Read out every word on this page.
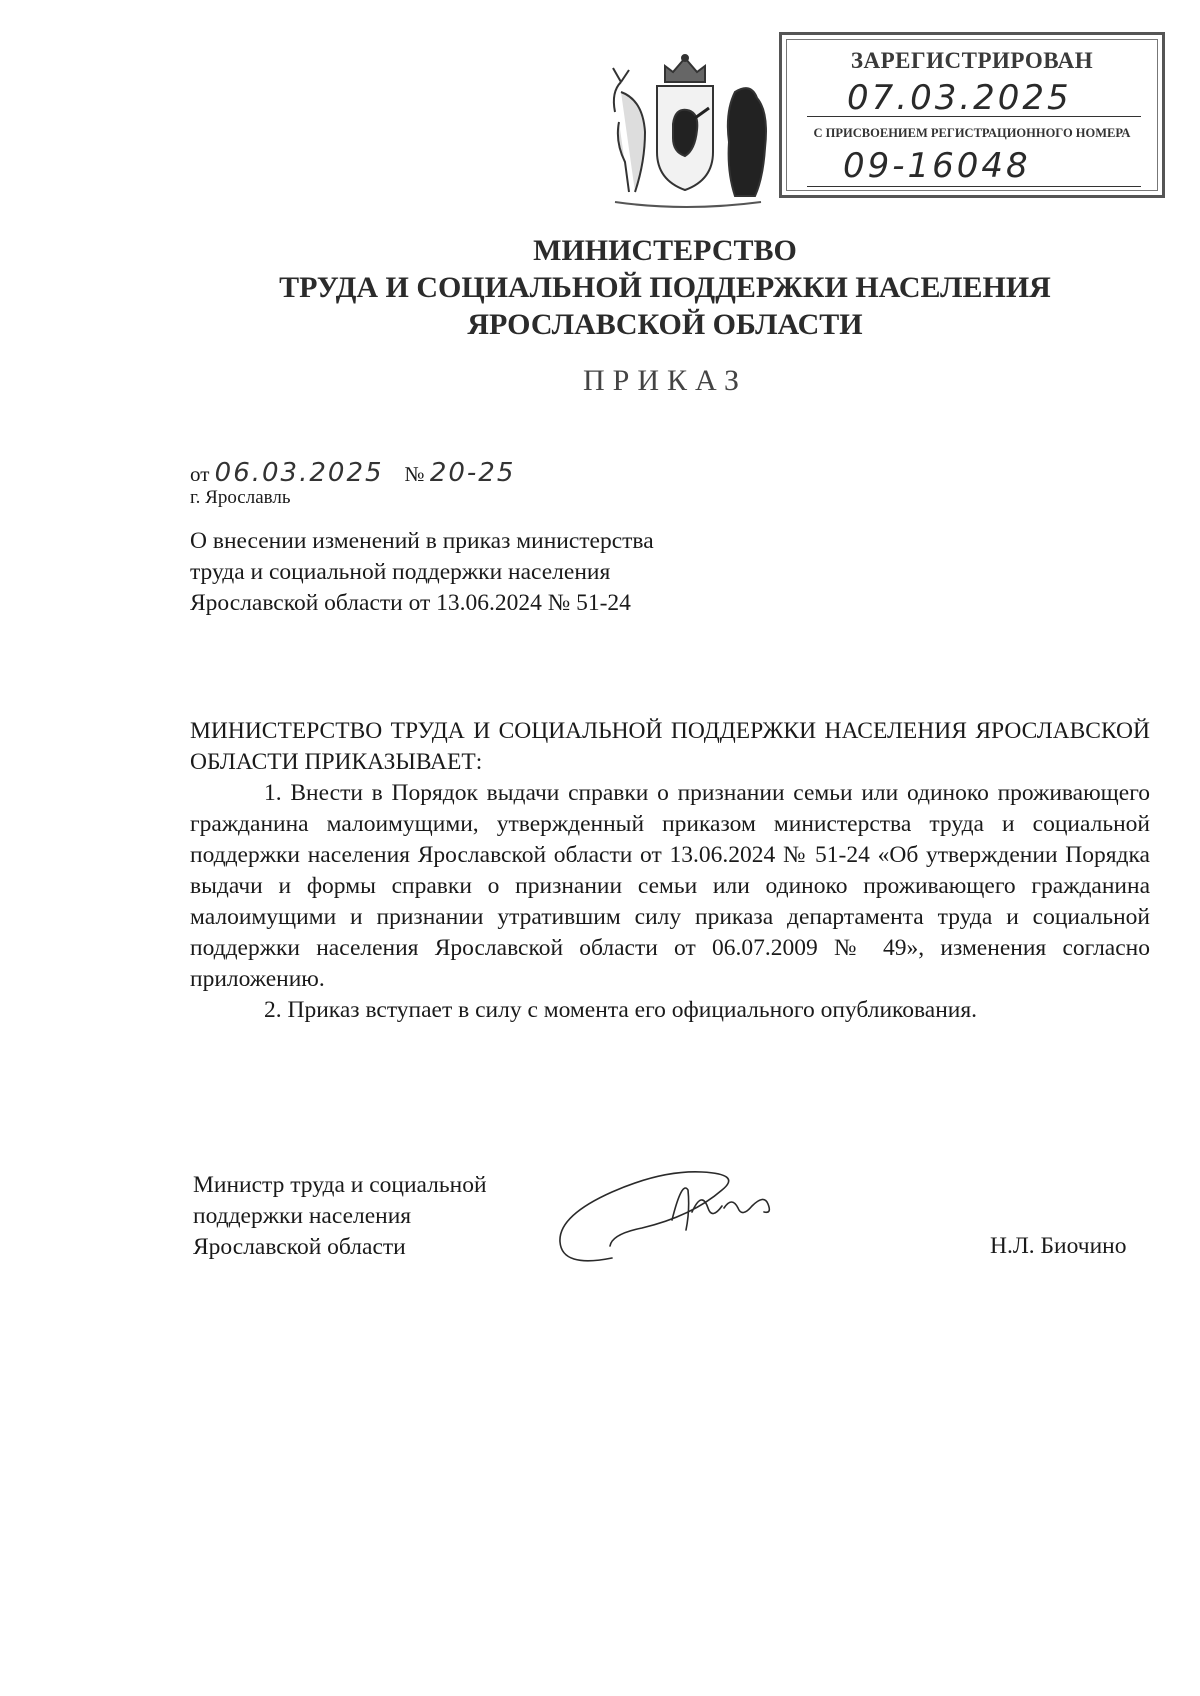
ЗАРЕГИСТРИРОВАН
07.03.2025
С ПРИСВОЕНИЕМ РЕГИСТРАЦИОННОГО НОМЕРА
09-16048
МИНИСТЕРСТВО
ТРУДА И СОЦИАЛЬНОЙ ПОДДЕРЖКИ НАСЕЛЕНИЯ
ЯРОСЛАВСКОЙ ОБЛАСТИ
ПРИКАЗ
от 06.03.2025 № 20-25
г. Ярославль
О внесении изменений в приказ министерства труда и социальной поддержки населения Ярославской области от 13.06.2024 № 51-24

МИНИСТЕРСТВО ТРУДА И СОЦИАЛЬНОЙ ПОДДЕРЖКИ НАСЕЛЕНИЯ ЯРОСЛАВСКОЙ ОБЛАСТИ ПРИКАЗЫВАЕТ:

1. Внести в Порядок выдачи справки о признании семьи или одиноко проживающего гражданина малоимущими, утвержденный приказом министерства труда и социальной поддержки населения Ярославской области от 13.06.2024 № 51-24 «Об утверждении Порядка выдачи и формы справки о признании семьи или одиноко проживающего гражданина малоимущими и признании утратившим силу приказа департамента труда и социальной поддержки населения Ярославской области от 06.07.2009 № 49», изменения согласно приложению.

2. Приказ вступает в силу с момента его официального опубликования.

Министр труда и социальной
поддержки населения
Ярославской области	Н.Л. Биочино
